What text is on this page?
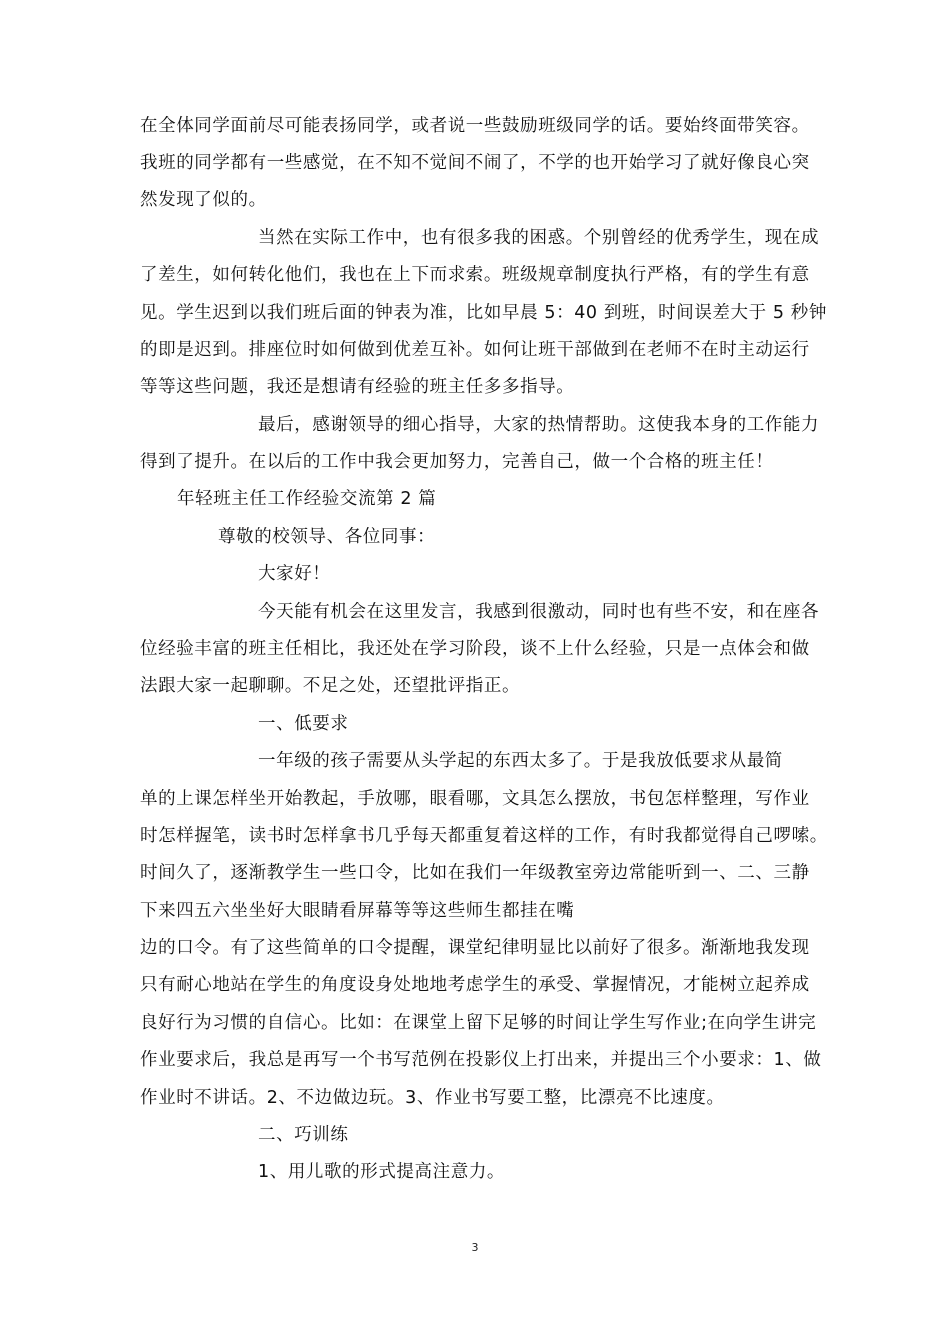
在全体同学面前尽可能表扬同学，或者说一些鼓励班级同学的话。要始终面带笑容。
我班的同学都有一些感觉，在不知不觉间不闹了，不学的也开始学习了就好像良心突
然发现了似的。
当然在实际工作中，也有很多我的困惑。个别曾经的优秀学生，现在成
了差生，如何转化他们，我也在上下而求索。班级规章制度执行严格，有的学生有意
见。学生迟到以我们班后面的钟表为准，比如早晨 5：40 到班，时间误差大于 5 秒钟
的即是迟到。排座位时如何做到优差互补。如何让班干部做到在老师不在时主动运行
等等这些问题，我还是想请有经验的班主任多多指导。
最后，感谢领导的细心指导，大家的热情帮助。这使我本身的工作能力
得到了提升。在以后的工作中我会更加努力，完善自己，做一个合格的班主任！
年轻班主任工作经验交流第 2 篇
尊敬的校领导、各位同事：
大家好！
今天能有机会在这里发言，我感到很激动，同时也有些不安，和在座各
位经验丰富的班主任相比，我还处在学习阶段，谈不上什么经验，只是一点体会和做
法跟大家一起聊聊。不足之处，还望批评指正。
一、低要求
一年级的孩子需要从头学起的东西太多了。于是我放低要求从最简
单的上课怎样坐开始教起，手放哪，眼看哪，文具怎么摆放，书包怎样整理，写作业
时怎样握笔，读书时怎样拿书几乎每天都重复着这样的工作，有时我都觉得自己啰嗦。
时间久了，逐渐教学生一些口令，比如在我们一年级教室旁边常能听到一、二、三静
下来四五六坐坐好大眼睛看屏幕等等这些师生都挂在嘴
边的口令。有了这些简单的口令提醒，课堂纪律明显比以前好了很多。渐渐地我发现
只有耐心地站在学生的角度设身处地地考虑学生的承受、掌握情况，才能树立起养成
良好行为习惯的自信心。比如：在课堂上留下足够的时间让学生写作业;在向学生讲完
作业要求后，我总是再写一个书写范例在投影仪上打出来，并提出三个小要求：1、做
作业时不讲话。2、不边做边玩。3、作业书写要工整，比漂亮不比速度。
二、巧训练
1、用儿歌的形式提高注意力。
3
